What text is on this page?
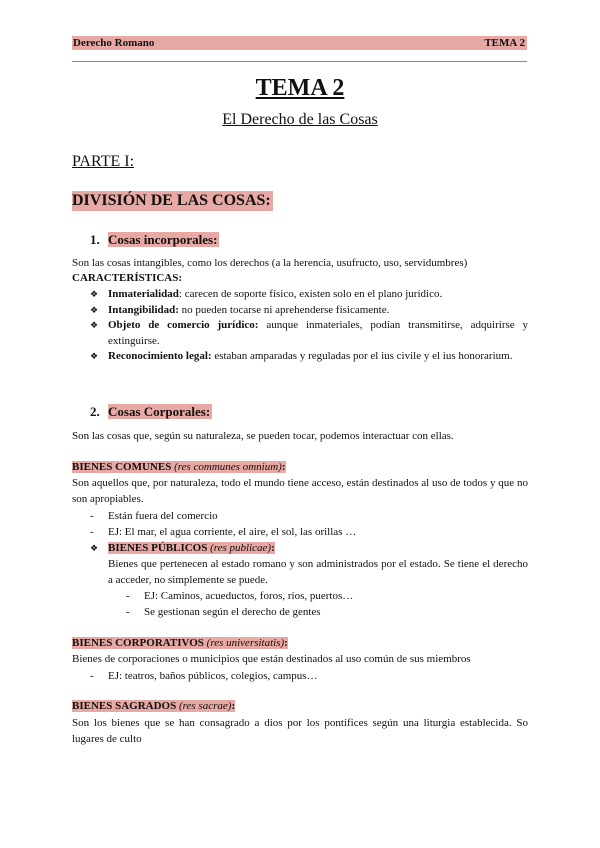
Derecho Romano	TEMA 2
TEMA 2
El Derecho de las Cosas
PARTE I:
DIVISIÓN DE LAS COSAS:
1. Cosas incorporales:
Son las cosas intangibles, como los derechos (a la herencia, usufructo, uso, servidumbres)
CARACTERÍSTICAS:
❖ Inmaterialidad: carecen de soporte físico, existen solo en el plano jurídico.
❖ Intangibilidad: no pueden tocarse ni aprehenderse físicamente.
❖ Objeto de comercio jurídico: aunque inmateriales, podían transmitirse, adquirirse y extinguirse.
❖ Reconocimiento legal: estaban amparadas y reguladas por el ius civile y el ius honorarium.
2. Cosas Corporales:
Son las cosas que, según su naturaleza, se pueden tocar, podemos interactuar con ellas.
BIENES COMUNES (res communes omnium):
Son aquellos que, por naturaleza, todo el mundo tiene acceso, están destinados al uso de todos y que no son apropiables.
- Están fuera del comercio
- EJ: El mar, el agua corriente, el aire, el sol, las orillas …
❖ BIENES PÚBLICOS (res publicae):
Bienes que pertenecen al estado romano y son administrados por el estado. Se tiene el derecho a acceder, no simplemente se puede.
- EJ: Caminos, acueductos, foros, ríos, puertos…
- Se gestionan según el derecho de gentes
BIENES CORPORATIVOS (res universitatis):
Bienes de corporaciones o municipios que están destinados al uso común de sus miembros
- EJ: teatros, baños públicos, colegios, campus…
BIENES SAGRADOS (res sacrae):
Son los bienes que se han consagrado a dios por los pontífices según una liturgia establecida. So lugares de culto
